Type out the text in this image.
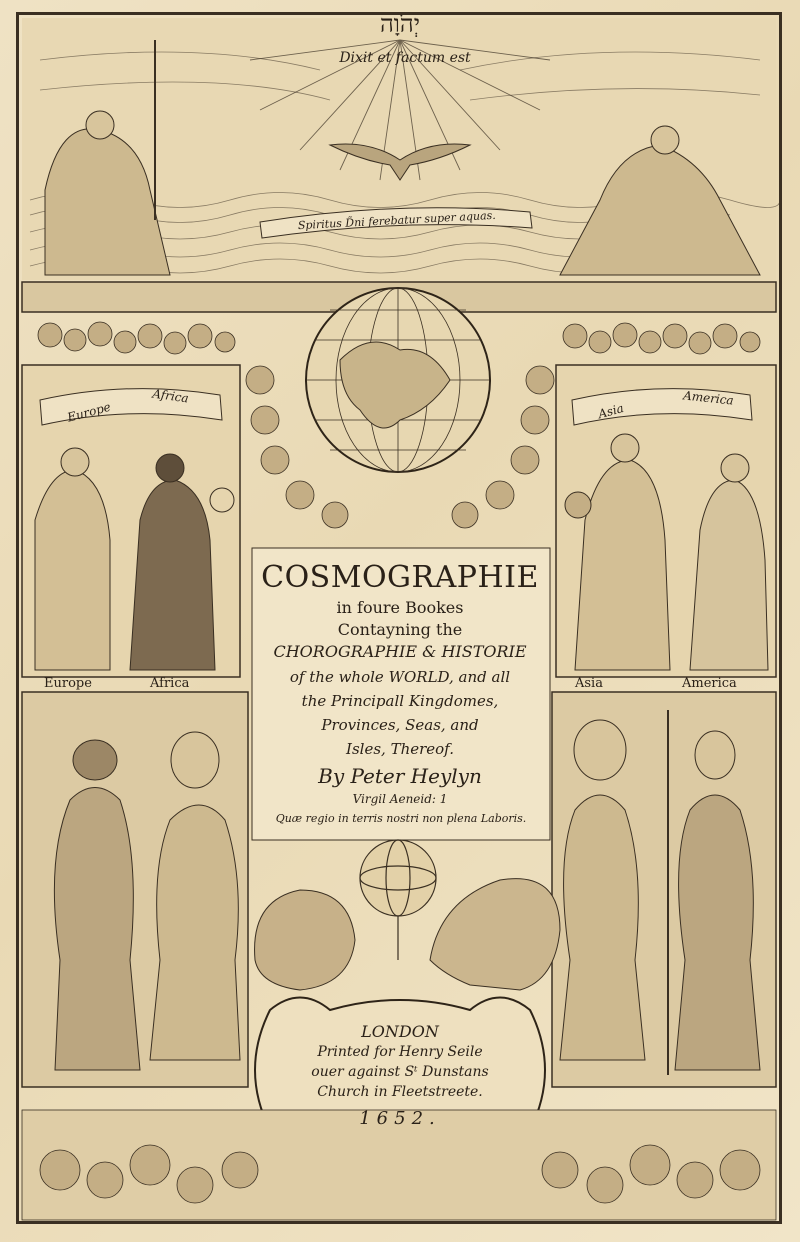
יְהֹוָה
Dixit et factum est
Spiritus D̃ni ferebatur super aquas.
Europe
Africa
Asia
America
Europe	Africa	Asia	America
COSMOGRAPHIE
in foure Bookes
Contayning the
CHOROGRAPHIE & HISTORIE
of the whole WORLD, and all
the Principall Kingdomes,
Provinces, Seas, and
Isles, Thereof.
By Peter Heylyn
Virgil Aeneid: 1
Quæ regio in terris nostri non plena Laboris.
LONDON
Printed for Henry Seile
ouer against Sᵗ Dunstans
Church in Fleetstreete.
1652.
